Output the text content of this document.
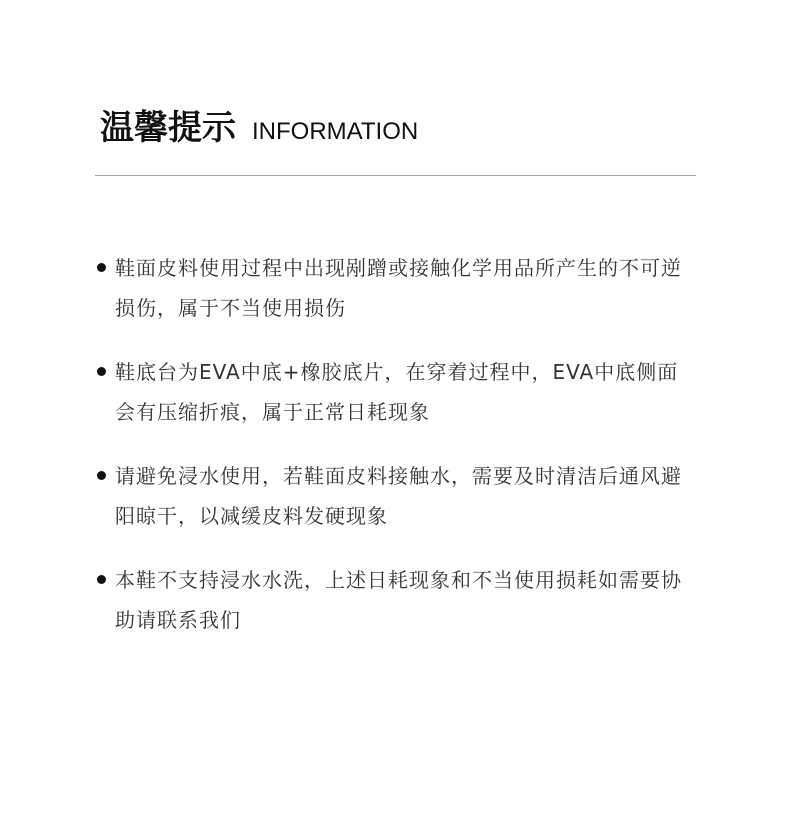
温馨提示 INFORMATION
鞋面皮料使用过程中出现剐蹭或接触化学用品所产生的不可逆损伤，属于不当使用损伤
鞋底台为EVA中底+橡胶底片，在穿着过程中，EVA中底侧面会有压缩折痕，属于正常日耗现象
请避免浸水使用，若鞋面皮料接触水，需要及时清洁后通风避阳晾干，以减缓皮料发硬现象
本鞋不支持浸水水洗，上述日耗现象和不当使用损耗如需要协助请联系我们
